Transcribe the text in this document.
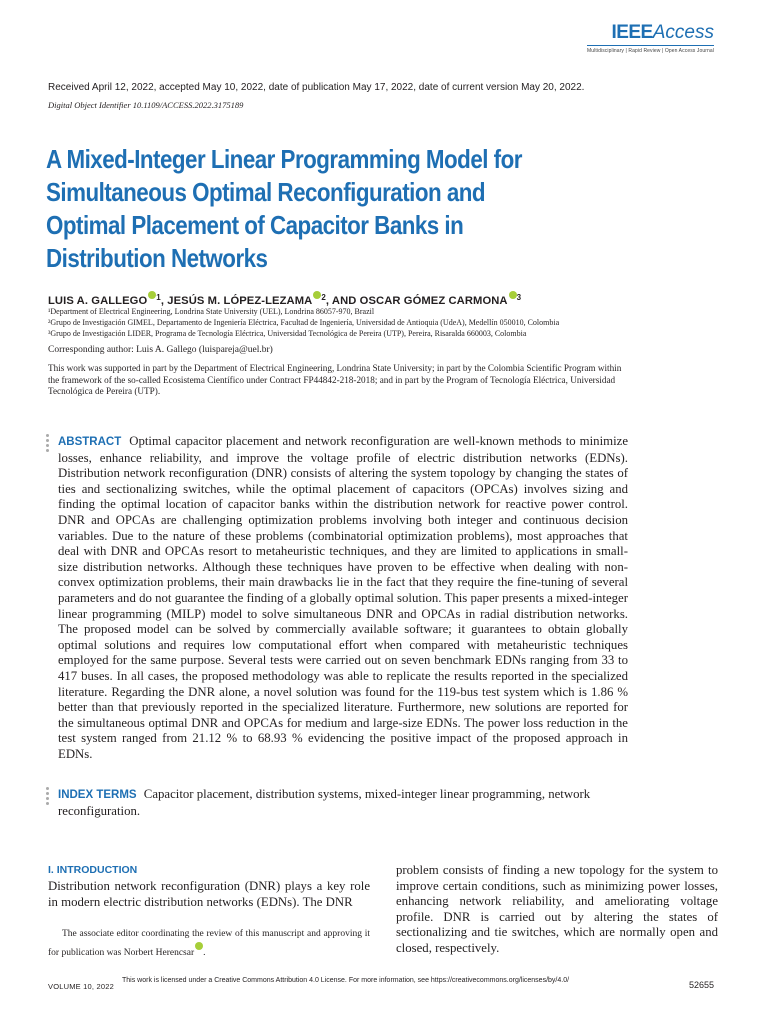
IEEEAccess
Multidisciplinary | Rapid Review | Open Access Journal
Received April 12, 2022, accepted May 10, 2022, date of publication May 17, 2022, date of current version May 20, 2022.
Digital Object Identifier 10.1109/ACCESS.2022.3175189
A Mixed-Integer Linear Programming Model for
Simultaneous Optimal Reconfiguration and
Optimal Placement of Capacitor Banks in
Distribution Networks
LUIS A. GALLEGO $^1$, JESÚS M. LÓPEZ-LEZAMA $^2$, AND OSCAR GÓMEZ CARMONA $^3$
¹Department of Electrical Engineering, Londrina State University (UEL), Londrina 86057-970, Brazil
²Grupo de Investigación GIMEL, Departamento de Ingeniería Eléctrica, Facultad de Ingeniería, Universidad de Antioquia (UdeA), Medellín 050010, Colombia
³Grupo de Investigación LIDER, Programa de Tecnología Eléctrica, Universidad Tecnológica de Pereira (UTP), Pereira, Risaralda 660003, Colombia
Corresponding author: Luis A. Gallego (luispareja@uel.br)
This work was supported in part by the Department of Electrical Engineering, Londrina State University; in part by the Colombia Scientific Program within the framework of the so-called Ecosistema Científico under Contract FP44842-218-2018; and in part by the Program of Tecnología Eléctrica, Universidad Tecnológica de Pereira (UTP).
ABSTRACT Optimal capacitor placement and network reconfiguration are well-known methods to minimize losses, enhance reliability, and improve the voltage profile of electric distribution networks (EDNs). Distribution network reconfiguration (DNR) consists of altering the system topology by changing the states of ties and sectionalizing switches, while the optimal placement of capacitors (OPCAs) involves sizing and finding the optimal location of capacitor banks within the distribution network for reactive power control. DNR and OPCAs are challenging optimization problems involving both integer and continuous decision variables. Due to the nature of these problems (combinatorial optimization problems), most approaches that deal with DNR and OPCAs resort to metaheuristic techniques, and they are limited to applications in small-size distribution networks. Although these techniques have proven to be effective when dealing with non-convex optimization problems, their main drawbacks lie in the fact that they require the fine-tuning of several parameters and do not guarantee the finding of a globally optimal solution. This paper presents a mixed-integer linear programming (MILP) model to solve simultaneous DNR and OPCAs in radial distribution networks. The proposed model can be solved by commercially available software; it guarantees to obtain globally optimal solutions and requires low computational effort when compared with metaheuristic techniques employed for the same purpose. Several tests were carried out on seven benchmark EDNs ranging from 33 to 417 buses. In all cases, the proposed methodology was able to replicate the results reported in the specialized literature. Regarding the DNR alone, a novel solution was found for the 119-bus test system which is 1.86 % better than that previously reported in the specialized literature. Furthermore, new solutions are reported for the simultaneous optimal DNR and OPCAs for medium and large-size EDNs. The power loss reduction in the test system ranged from 21.12 % to 68.93 % evidencing the positive impact of the proposed approach in EDNs.
INDEX TERMS Capacitor placement, distribution systems, mixed-integer linear programming, network reconfiguration.
I. INTRODUCTION
Distribution network reconfiguration (DNR) plays a key role in modern electric distribution networks (EDNs). The DNR
The associate editor coordinating the review of this manuscript and approving it for publication was Norbert Herencsar .
problem consists of finding a new topology for the system to improve certain conditions, such as minimizing power losses, enhancing network reliability, and ameliorating voltage profile. DNR is carried out by altering the states of sectionalizing and tie switches, which are normally open and closed, respectively.
VOLUME 10, 2022
This work is licensed under a Creative Commons Attribution 4.0 License. For more information, see https://creativecommons.org/licenses/by/4.0/	52655
